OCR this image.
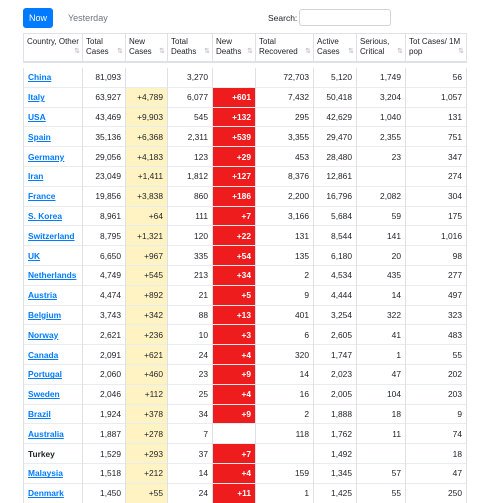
Now	Yesterday	Search:
Country, Other
⇅	Total Cases ⇅	New Cases ⇅	Total Deaths ⇅	New Deaths ⇅	Total Recovered ⇅	Active Cases ⇅	Serious, Critical ⇅	Tot Cases/ 1M pop ⇅

China	81,093		3,270		72,703	5,120	1,749	56
Italy	63,927	+4,789	6,077	+601	7,432	50,418	3,204	1,057
USA	43,469	+9,903	545	+132	295	42,629	1,040	131
Spain	35,136	+6,368	2,311	+539	3,355	29,470	2,355	751
Germany	29,056	+4,183	123	+29	453	28,480	23	347
Iran	23,049	+1,411	1,812	+127	8,376	12,861		274
France	19,856	+3,838	860	+186	2,200	16,796	2,082	304
S. Korea	8,961	+64	111	+7	3,166	5,684	59	175
Switzerland	8,795	+1,321	120	+22	131	8,544	141	1,016
UK	6,650	+967	335	+54	135	6,180	20	98
Netherlands	4,749	+545	213	+34	2	4,534	435	277
Austria	4,474	+892	21	+5	9	4,444	14	497
Belgium	3,743	+342	88	+13	401	3,254	322	323
Norway	2,621	+236	10	+3	6	2,605	41	483
Canada	2,091	+621	24	+4	320	1,747	1	55
Portugal	2,060	+460	23	+9	14	2,023	47	202
Sweden	2,046	+112	25	+4	16	2,005	104	203
Brazil	1,924	+378	34	+9	2	1,888	18	9
Australia	1,887	+278	7		118	1,762	11	74
Turkey	1,529	+293	37	+7		1,492		18
Malaysia	1,518	+212	14	+4	159	1,345	57	47
Denmark	1,450	+55	24	+11	1	1,425	55	250
